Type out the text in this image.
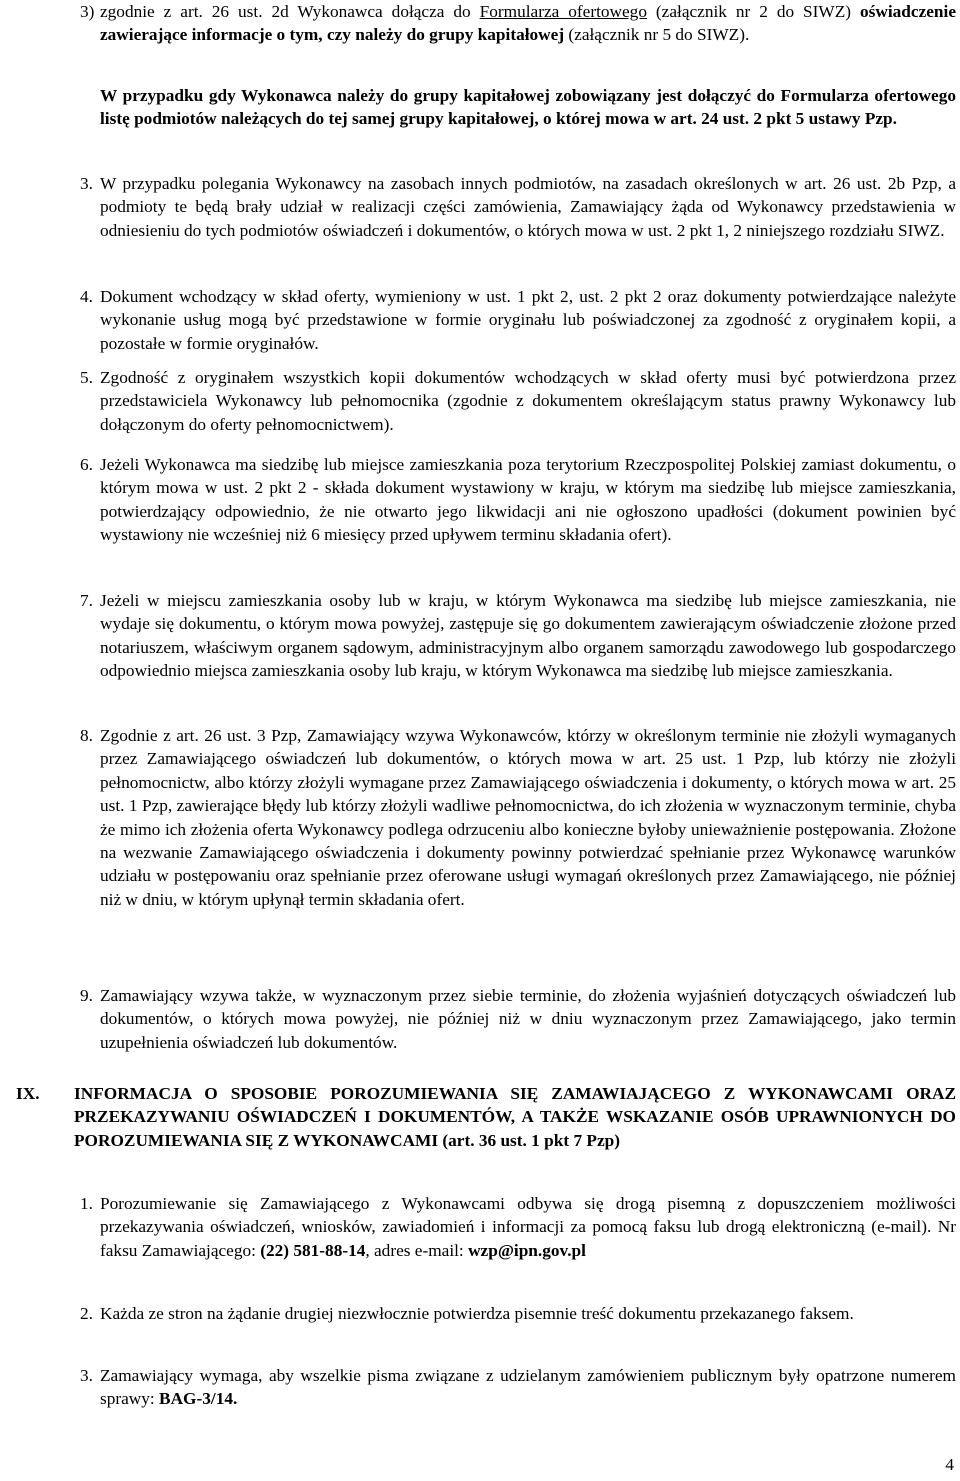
3) zgodnie z art. 26 ust. 2d Wykonawca dołącza do Formularza ofertowego (załącznik nr 2 do SIWZ) oświadczenie zawierające informacje o tym, czy należy do grupy kapitałowej (załącznik nr 5 do SIWZ).

W przypadku gdy Wykonawca należy do grupy kapitałowej zobowiązany jest dołączyć do Formularza ofertowego listę podmiotów należących do tej samej grupy kapitałowej, o której mowa w art. 24 ust. 2 pkt 5 ustawy Pzp.

3. W przypadku polegania Wykonawcy na zasobach innych podmiotów, na zasadach określonych w art. 26 ust. 2b Pzp, a podmioty te będą brały udział w realizacji części zamówienia, Zamawiający żąda od Wykonawcy przedstawienia w odniesieniu do tych podmiotów oświadczeń i dokumentów, o których mowa w ust. 2 pkt 1, 2 niniejszego rozdziału SIWZ.
4. Dokument wchodzący w skład oferty, wymieniony w ust. 1 pkt 2, ust. 2 pkt 2 oraz dokumenty potwierdzające należyte wykonanie usług mogą być przedstawione w formie oryginału lub poświadczonej za zgodność z oryginałem kopii, a pozostałe w formie oryginałów.
5. Zgodność z oryginałem wszystkich kopii dokumentów wchodzących w skład oferty musi być potwierdzona przez przedstawiciela Wykonawcy lub pełnomocnika (zgodnie z dokumentem określającym status prawny Wykonawcy lub dołączonym do oferty pełnomocnictwem).
6. Jeżeli Wykonawca ma siedzibę lub miejsce zamieszkania poza terytorium Rzeczpospolitej Polskiej zamiast dokumentu, o którym mowa w ust. 2 pkt 2 - składa dokument wystawiony w kraju, w którym ma siedzibę lub miejsce zamieszkania, potwierdzający odpowiednio, że nie otwarto jego likwidacji ani nie ogłoszono upadłości (dokument powinien być wystawiony nie wcześniej niż 6 miesięcy przed upływem terminu składania ofert).
7. Jeżeli w miejscu zamieszkania osoby lub w kraju, w którym Wykonawca ma siedzibę lub miejsce zamieszkania, nie wydaje się dokumentu, o którym mowa powyżej, zastępuje się go dokumentem zawierającym oświadczenie złożone przed notariuszem, właściwym organem sądowym, administracyjnym albo organem samorządu zawodowego lub gospodarczego odpowiednio miejsca zamieszkania osoby lub kraju, w którym Wykonawca ma siedzibę lub miejsce zamieszkania.
8. Zgodnie z art. 26 ust. 3 Pzp, Zamawiający wzywa Wykonawców, którzy w określonym terminie nie złożyli wymaganych przez Zamawiającego oświadczeń lub dokumentów, o których mowa w art. 25 ust. 1 Pzp, lub którzy nie złożyli pełnomocnictw, albo którzy złożyli wymagane przez Zamawiającego oświadczenia i dokumenty, o których mowa w art. 25 ust. 1 Pzp, zawierające błędy lub którzy złożyli wadliwe pełnomocnictwa, do ich złożenia w wyznaczonym terminie, chyba że mimo ich złożenia oferta Wykonawcy podlega odrzuceniu albo konieczne byłoby unieważnienie postępowania. Złożone na wezwanie Zamawiającego oświadczenia i dokumenty powinny potwierdzać spełnianie przez Wykonawcę warunków udziału w postępowaniu oraz spełnianie przez oferowane usługi wymagań określonych przez Zamawiającego, nie później niż w dniu, w którym upłynął termin składania ofert.
9. Zamawiający wzywa także, w wyznaczonym przez siebie terminie, do złożenia wyjaśnień dotyczących oświadczeń lub dokumentów, o których mowa powyżej, nie później niż w dniu wyznaczonym przez Zamawiającego, jako termin uzupełnienia oświadczeń lub dokumentów.
IX. INFORMACJA O SPOSOBIE POROZUMIEWANIA SIĘ ZAMAWIAJĄCEGO Z WYKONAWCAMI ORAZ PRZEKAZYWANIU OŚWIADCZEŃ I DOKUMENTÓW, A TAKŻE WSKAZANIE OSÓB UPRAWNIONYCH DO POROZUMIEWANIA SIĘ Z WYKONAWCAMI (art. 36 ust. 1 pkt 7 Pzp)
1. Porozumiewanie się Zamawiającego z Wykonawcami odbywa się drogą pisemną z dopuszczeniem możliwości przekazywania oświadczeń, wniosków, zawiadomień i informacji za pomocą faksu lub drogą elektroniczną (e-mail). Nr faksu Zamawiającego: (22) 581-88-14, adres e-mail: wzp@ipn.gov.pl
2. Każda ze stron na żądanie drugiej niezwłocznie potwierdza pisemnie treść dokumentu przekazanego faksem.
3. Zamawiający wymaga, aby wszelkie pisma związane z udzielanym zamówieniem publicznym były opatrzone numerem sprawy: BAG-3/14.
4
